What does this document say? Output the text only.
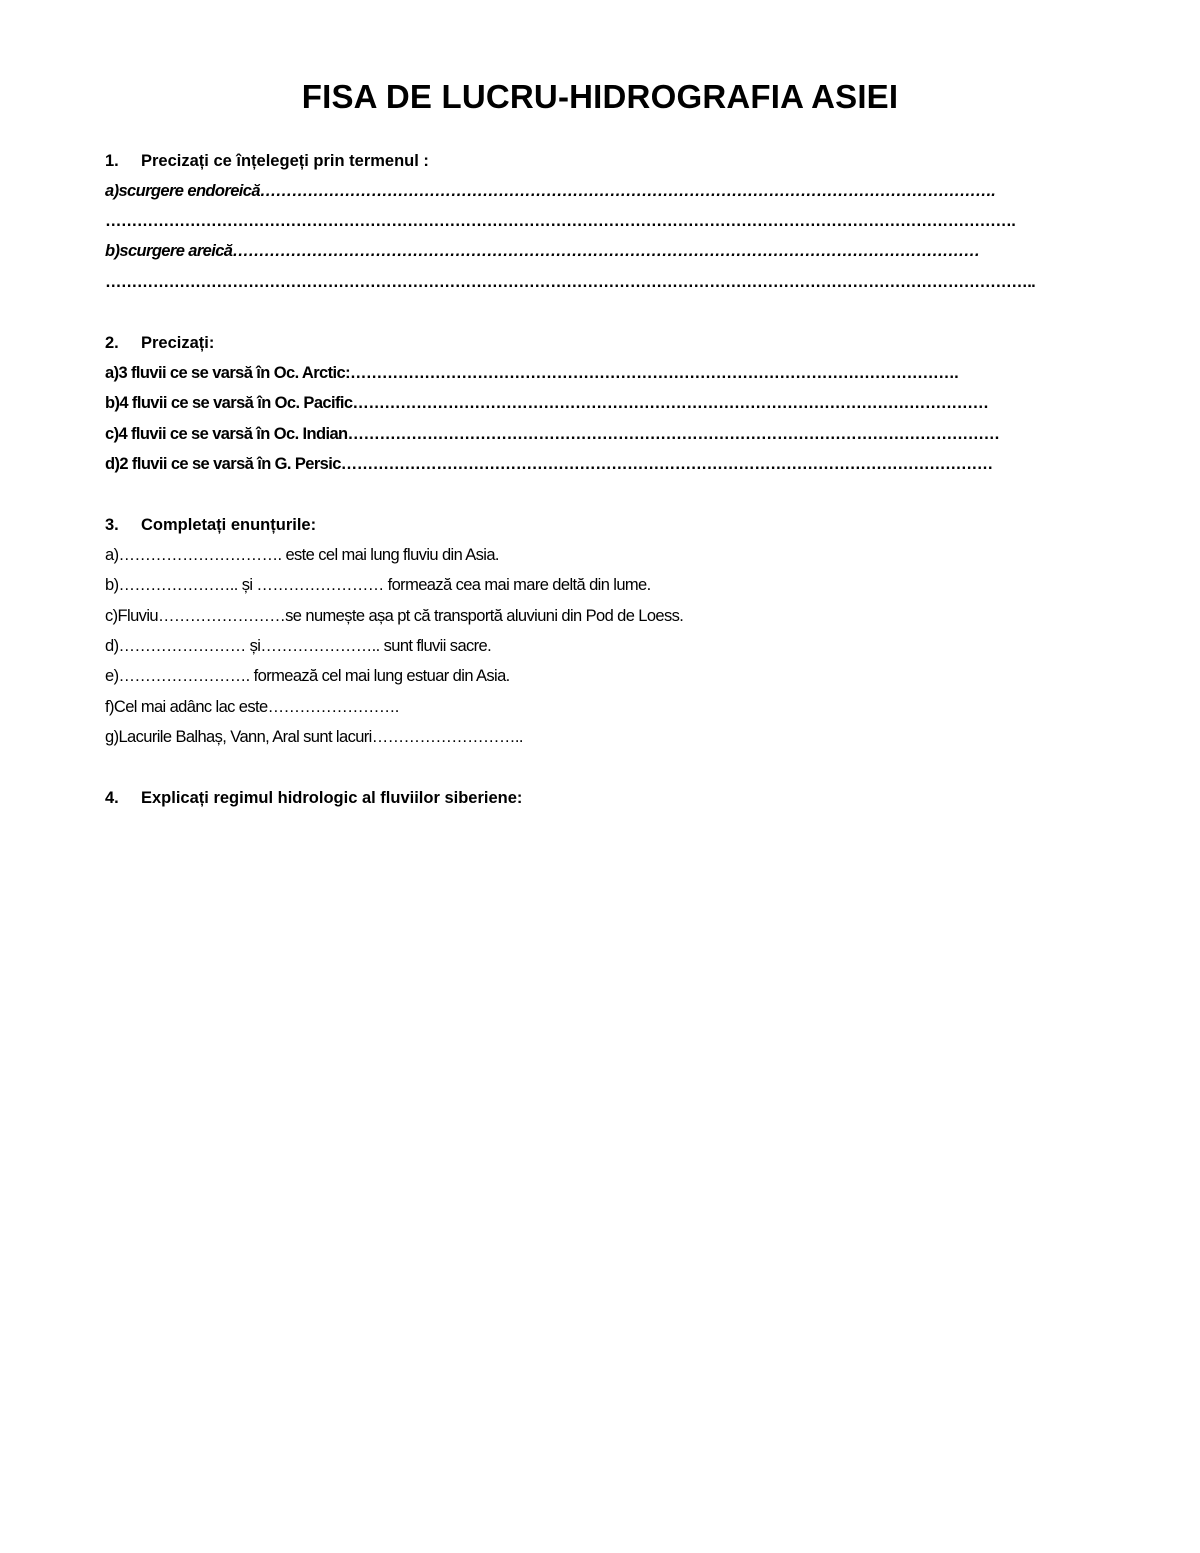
FISA DE LUCRU-HIDROGRAFIA ASIEI
1. Precizați ce înțelegeți prin termenul :
a)scurgere endoreică………………………………………………………………………………………………………………………….
……………………………………………………………………………………………………………………………………………………….
b)scurgere areică……………………………………………………………………………………………………………………………
…………………………………………………………………………………………………………………………………………………………..
2. Precizați:
a)3 fluvii ce se varsă în Oc. Arctic:…………………………………………………………………………………………………….
b)4 fluvii ce se varsă în Oc. Pacific…………………………………………………………………………………………………………
c)4 fluvii ce se varsă în Oc. Indian……………………………………………………………………………………………………………
d)2 fluvii ce se varsă în G. Persic……………………………………………………………………………………………………………
3. Completați enunțurile:
a)…………………………. este cel mai lung fluviu din Asia.
b)………………….. și …………………… formează cea mai mare deltă din lume.
c)Fluviu……………………se numește așa pt că transportă aluviuni din Pod de Loess.
d)…………………… și………………….. sunt fluvii sacre.
e)……………………. formează cel mai lung estuar din Asia.
f)Cel mai adânc lac este…………………….
g)Lacurile Balhaș, Vann, Aral sunt lacuri………………………..
4. Explicați regimul hidrologic al fluviilor siberiene:
